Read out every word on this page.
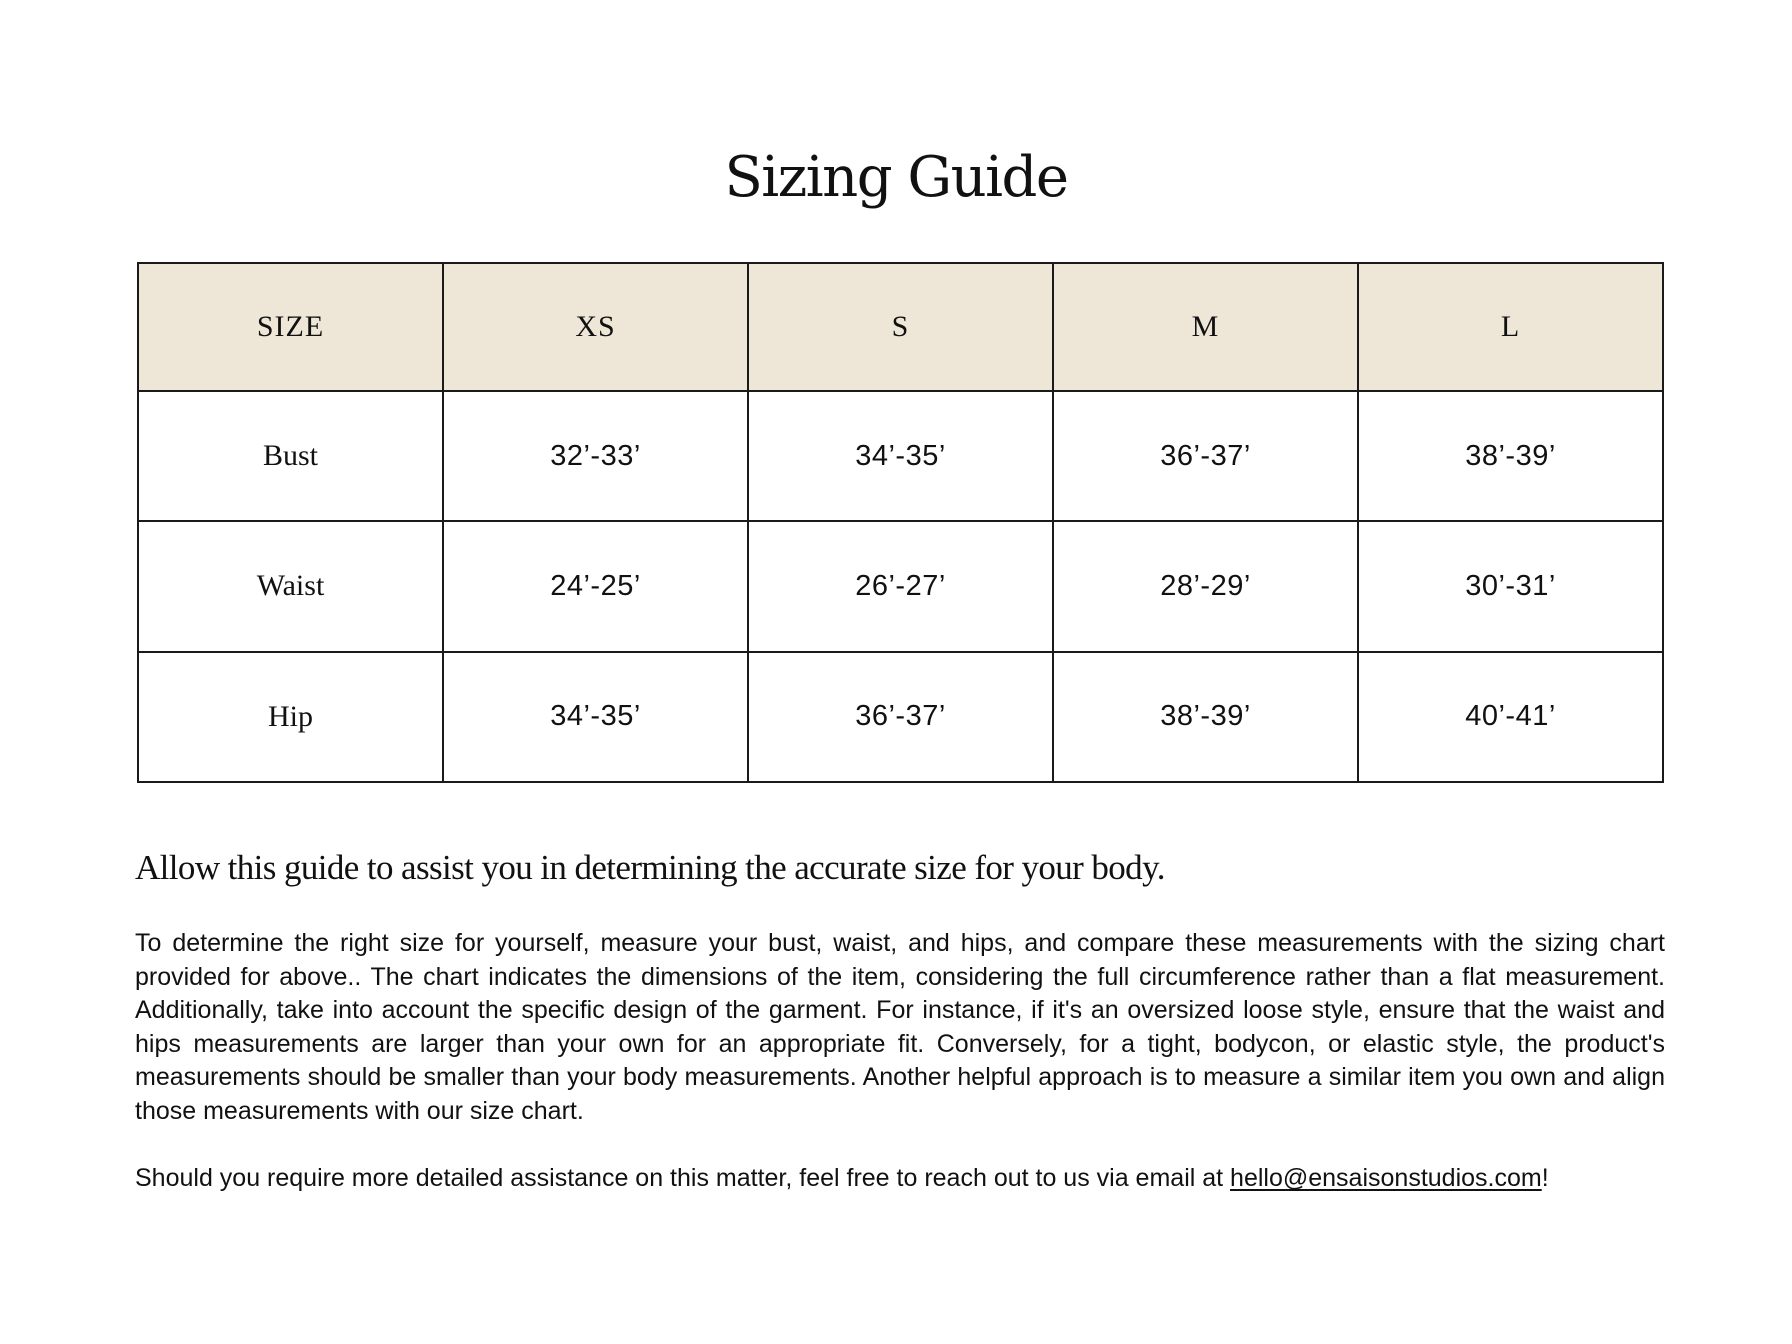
Sizing Guide
SIZE	XS	S	M	L
Bust	32’-33’	34’-35’	36’-37’	38’-39’
Waist	24’-25’	26’-27’	28’-29’	30’-31’
Hip	34’-35’	36’-37’	38’-39’	40’-41’

Allow this guide to assist you in determining the accurate size for your body.

To determine the right size for yourself, measure your bust, waist, and hips, and compare these measurements with the sizing chart provided for above.. The chart indicates the dimensions of the item, considering the full circumference rather than a flat measurement. Additionally, take into account the specific design of the garment. For instance, if it's an oversized loose style, ensure that the waist and hips measurements are larger than your own for an appropriate fit. Conversely, for a tight, bodycon, or elastic style, the product's measurements should be smaller than your body measurements. Another helpful approach is to measure a similar item you own and align those measurements with our size chart.

Should you require more detailed assistance on this matter, feel free to reach out to us via email at hello@ensaisonstudios.com!
